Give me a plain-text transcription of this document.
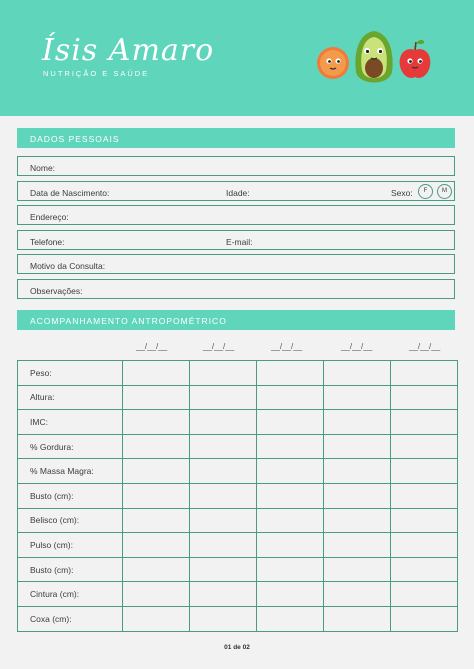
Ísis Amaro
NUTRIÇÃO E SAÚDE
DADOS PESSOAIS
Nome:
Data de Nascimento:	Idade:	Sexo:	F	M
Endereço:
Telefone:	E-mail:
Motivo da Consulta:
Observações:
ACOMPANHAMENTO ANTROPOMÉTRICO
__/__/__	__/__/__	__/__/__	__/__/__	__/__/__
Peso:					
Altura:					
IMC:					
% Gordura:					
% Massa Magra:					
Busto (cm):					
Belisco (cm):					
Pulso (cm):					
Busto (cm):					
Cintura (cm):					
Coxa (cm):					
01 de 02
